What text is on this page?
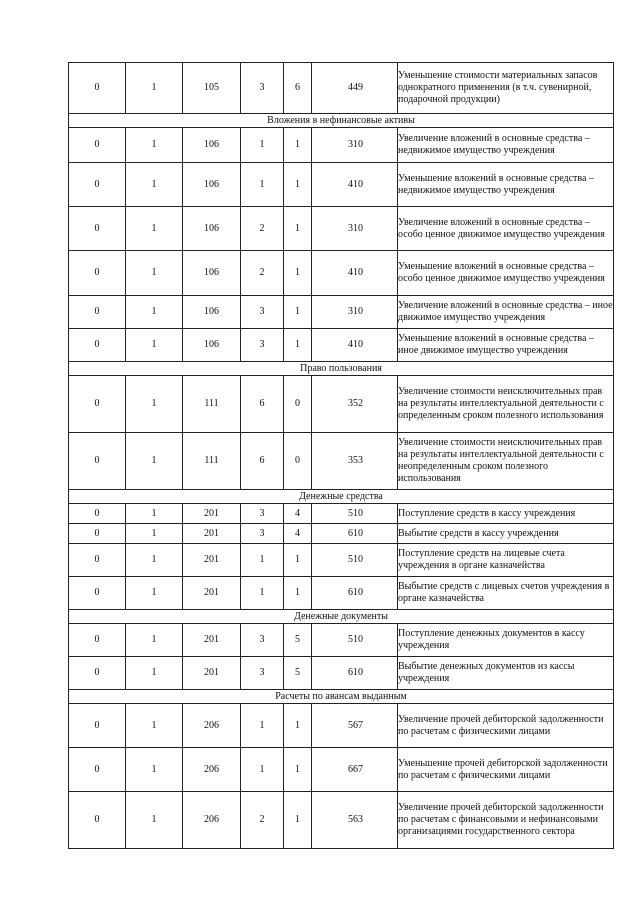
0	1	105	3	6	449	Уменьшение стоимости материальных запасов однократного применения (в т.ч. сувенирной, подарочной продукции)
Вложения в нефинансовые активы						
0	1	106	1	1	310	Увеличение вложений в основные средства – недвижимое имущество учреждения
0	1	106	1	1	410	Уменьшение вложений в основные средства – недвижимое имущество учреждения
0	1	106	2	1	310	Увеличение вложений в основные средства – особо ценное движимое имущество учреждения
0	1	106	2	1	410	Уменьшение вложений в основные средства – особо ценное движимое имущество учреждения
0	1	106	3	1	310	Увеличение вложений в основные средства – иное движимое имущество учреждения
0	1	106	3	1	410	Уменьшение вложений в основные средства – иное движимое имущество учреждения
Право пользования						
0	1	111	6	0	352	Увеличение стоимости неисключительных прав на результаты интеллектуальной деятельности с определенным сроком полезного использования
0	1	111	6	0	353	Увеличение стоимости неисключительных прав на результаты интеллектуальной деятельности с неопределенным сроком полезного использования
Денежные средства						
0	1	201	3	4	510	Поступление средств в кассу учреждения
0	1	201	3	4	610	Выбытие средств в кассу учреждения
0	1	201	1	1	510	Поступление средств на лицевые счета учреждения в органе казначейства
0	1	201	1	1	610	Выбытие средств с лицевых счетов учреждения в органе казначейства
Денежные документы						
0	1	201	3	5	510	Поступление денежных документов в кассу учреждения
0	1	201	3	5	610	Выбытие денежных документов из кассы учреждения
Расчеты по авансам выданным						
0	1	206	1	1	567	Увеличение прочей дебиторской задолженности по расчетам с физическими лицами
0	1	206	1	1	667	Уменьшение прочей дебиторской задолженности по расчетам с физическими лицами
0	1	206	2	1	563	Увеличение прочей дебиторской задолженности по расчетам с финансовыми и нефинансовыми организациями государственного сектора
